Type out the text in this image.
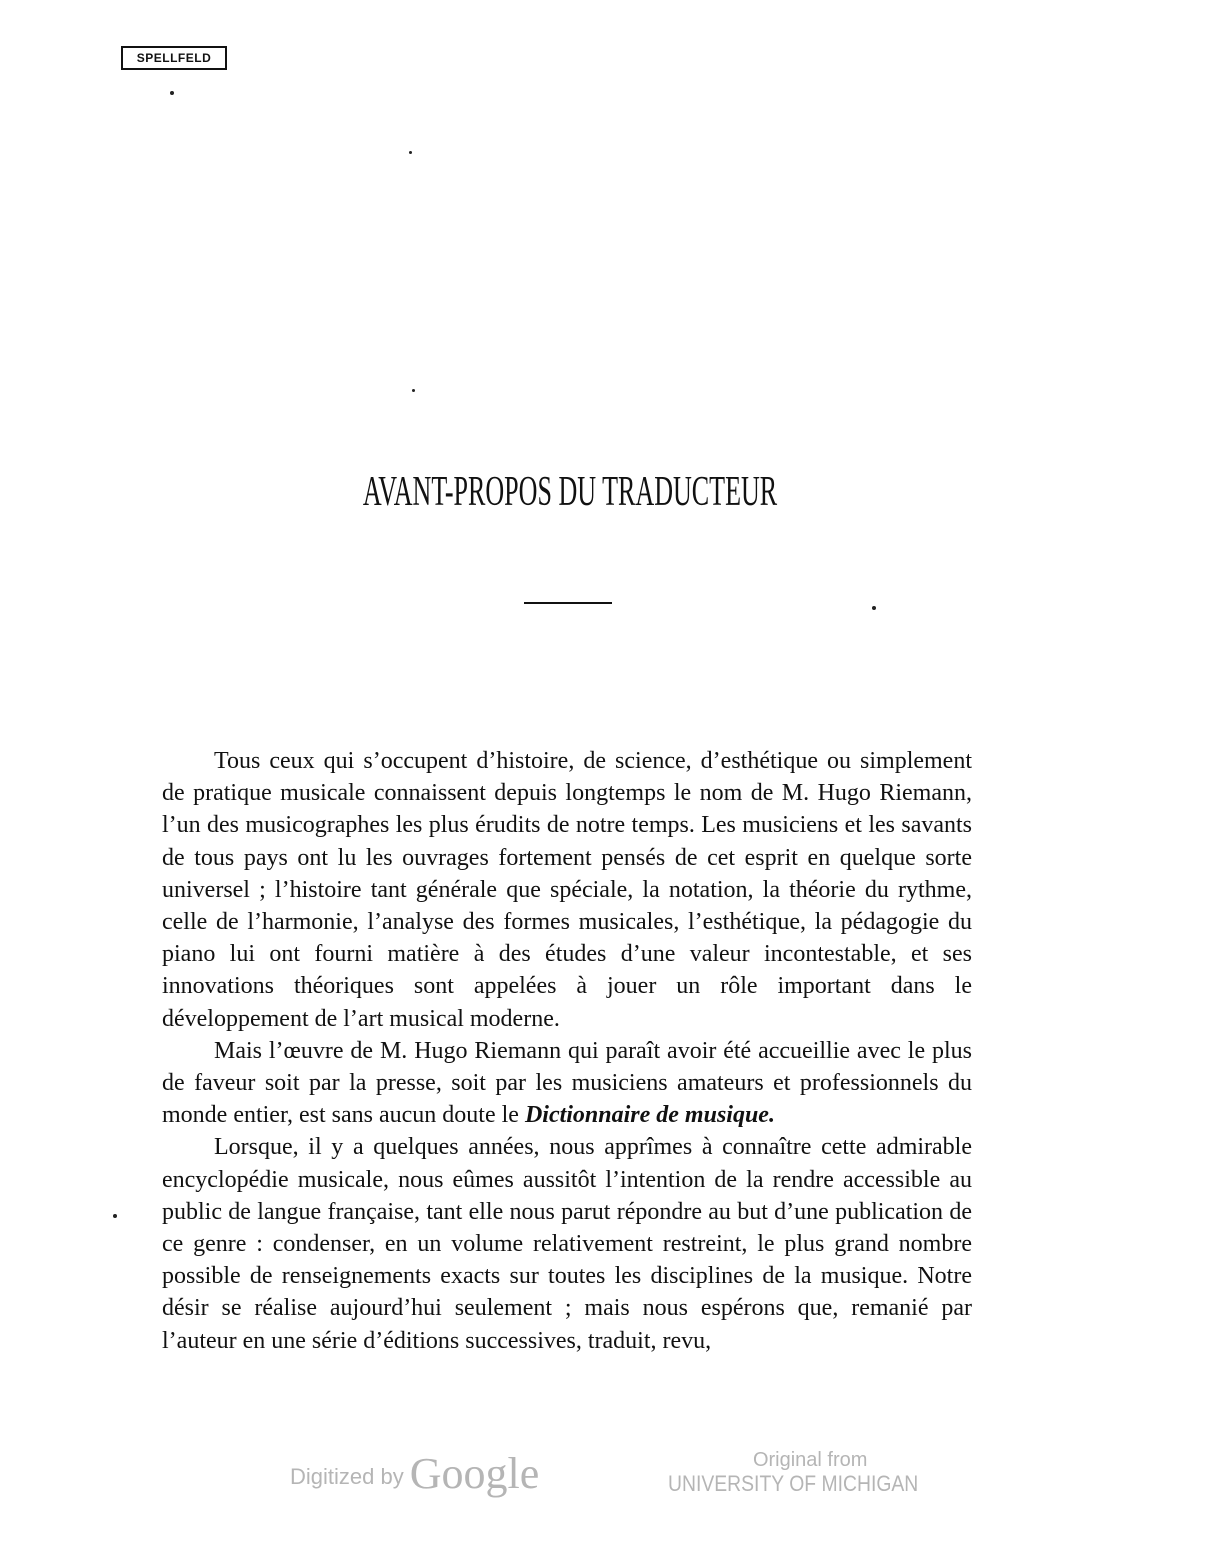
SPELLFELD
AVANT-PROPOS DU TRADUCTEUR

Tous ceux qui s’occupent d’histoire, de science, d’esthétique ou simplement de pratique musicale connaissent depuis longtemps le nom de M. Hugo Riemann, l’un des musicographes les plus érudits de notre temps. Les musiciens et les savants de tous pays ont lu les ouvrages fortement pensés de cet esprit en quelque sorte universel ; l’histoire tant générale que spéciale, la notation, la théorie du rythme, celle de l’harmonie, l’analyse des formes musicales, l’esthétique, la pédagogie du piano lui ont fourni matière à des études d’une valeur incontestable, et ses innovations théoriques sont appelées à jouer un rôle important dans le développement de l’art musical moderne.

Mais l’œuvre de M. Hugo Riemann qui paraît avoir été accueillie avec le plus de faveur soit par la presse, soit par les musiciens amateurs et professionnels du monde entier, est sans aucun doute le Dictionnaire de musique.

Lorsque, il y a quelques années, nous apprîmes à connaître cette admirable encyclopédie musicale, nous eûmes aussitôt l’intention de la rendre accessible au public de langue française, tant elle nous parut répondre au but d’une publication de ce genre : condenser, en un volume relativement restreint, le plus grand nombre possible de renseignements exacts sur toutes les disciplines de la musique. Notre désir se réalise aujourd’hui seulement ; mais nous espérons que, remanié par l’auteur en une série d’éditions successives, traduit, revu,

Digitized by Google	Original from
UNIVERSITY OF MICHIGAN
